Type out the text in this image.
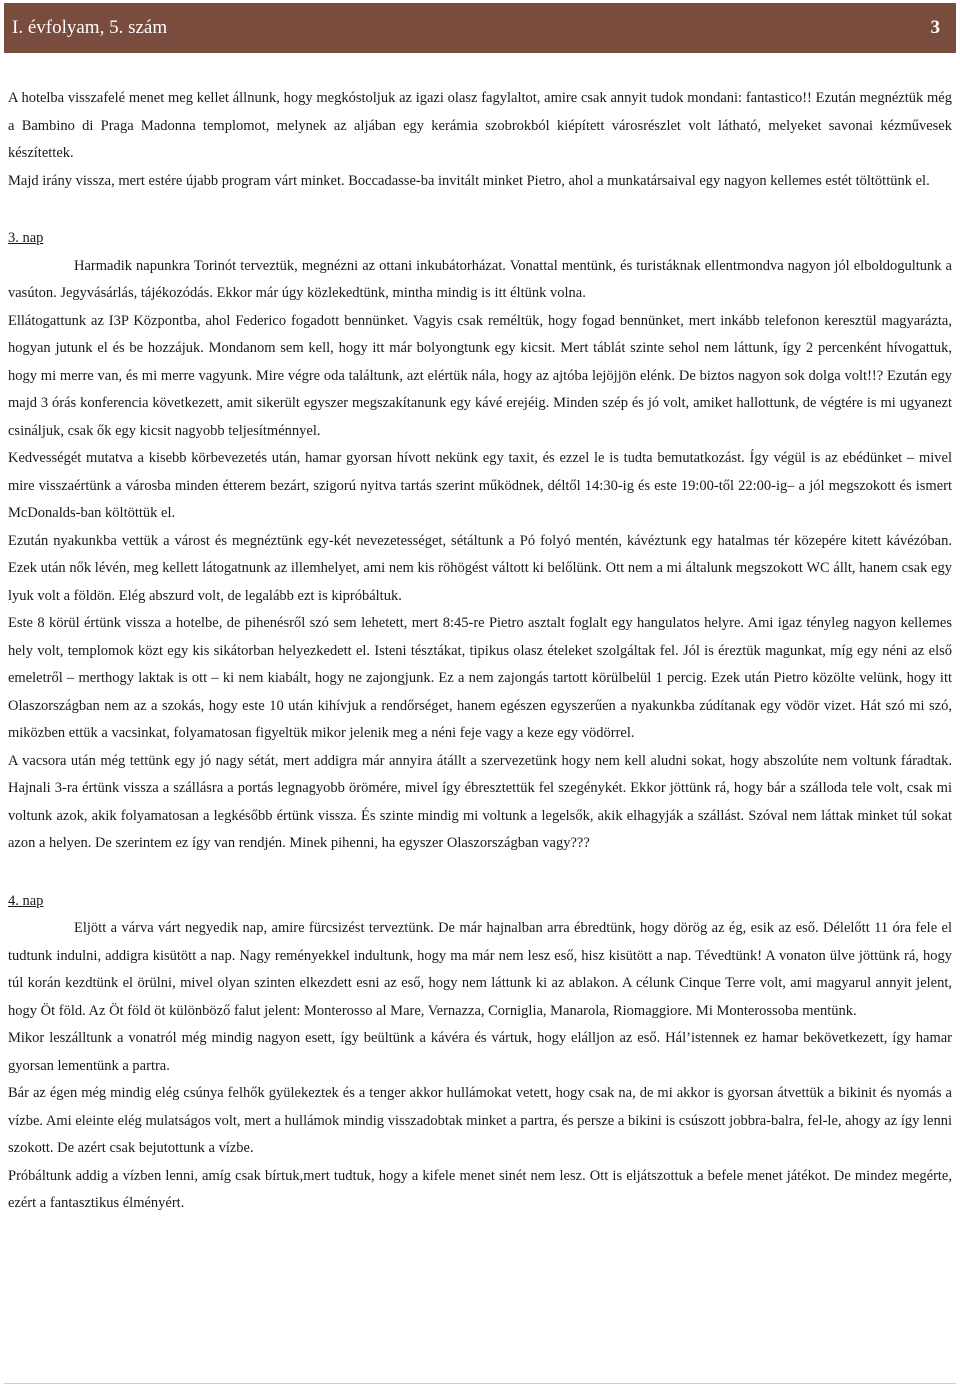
I. évfolyam, 5. szám	3

A hotelba visszafelé menet meg kellet állnunk, hogy megkóstoljuk az igazi olasz fagylaltot, amire csak annyit tudok mondani: fantastico!! Ezután megnéztük még a Bambino di Praga Madonna templomot, melynek az aljában egy kerámia szobrokból kiépített városrészlet volt látható, melyeket savonai kézművesek készítettek.

Majd irány vissza, mert estére újabb program várt minket. Boccadasse-ba invitált minket Pietro, ahol a munkatársaival egy nagyon kellemes estét töltöttünk el.

3. nap

Harmadik napunkra Torinót terveztük, megnézni az ottani inkubátorházat. Vonattal mentünk, és turistáknak ellentmondva nagyon jól elboldogultunk a vasúton. Jegyvásárlás, tájékozódás. Ekkor már úgy közlekedtünk, mintha mindig is itt éltünk volna.

Ellátogattunk az I3P Központba, ahol Federico fogadott bennünket. Vagyis csak reméltük, hogy fogad bennünket, mert inkább telefonon keresztül magyarázta, hogyan jutunk el és be hozzájuk. Mondanom sem kell, hogy itt már bolyongtunk egy kicsit. Mert táblát szinte sehol nem láttunk, így 2 percenként hívogattuk, hogy mi merre van, és mi merre vagyunk. Mire végre oda találtunk, azt elértük nála, hogy az ajtóba lejöjjön elénk. De biztos nagyon sok dolga volt!!? Ezután egy majd 3 órás konferencia következett, amit sikerült egyszer megszakítanunk egy kávé erejéig. Minden szép és jó volt, amiket hallottunk, de végtére is mi ugyanezt csináljuk, csak ők egy kicsit nagyobb teljesítménnyel.

Kedvességét mutatva a kisebb körbevezetés után, hamar gyorsan hívott nekünk egy taxit, és ezzel le is tudta bemutatkozást. Így végül is az ebédünket – mivel mire visszaértünk a városba minden étterem bezárt, szigorú nyitva tartás szerint működnek, déltől 14:30-ig és este 19:00-től 22:00-ig– a jól megszokott és ismert McDonalds-ban költöttük el.

Ezután nyakunkba vettük a várost és megnéztünk egy-két nevezetességet, sétáltunk a Pó folyó mentén, kávéztunk egy hatalmas tér közepére kitett kávézóban. Ezek után nők lévén, meg kellett látogatnunk az illemhelyet, ami nem kis röhögést váltott ki belőlünk. Ott nem a mi általunk megszokott WC állt, hanem csak egy lyuk volt a földön. Elég abszurd volt, de legalább ezt is kipróbáltuk.

Este 8 körül értünk vissza a hotelbe, de pihenésről szó sem lehetett, mert 8:45-re Pietro asztalt foglalt egy hangulatos helyre. Ami igaz tényleg nagyon kellemes hely volt, templomok közt egy kis sikátorban helyezkedett el. Isteni tésztákat, tipikus olasz ételeket szolgáltak fel. Jól is éreztük magunkat, míg egy néni az első emeletről – merthogy laktak is ott – ki nem kiabált, hogy ne zajongjunk. Ez a nem zajongás tartott körülbelül 1 percig. Ezek után Pietro közölte velünk, hogy itt Olaszországban nem az a szokás, hogy este 10 után kihívjuk a rendőrséget, hanem egészen egyszerűen a nyakunkba zúdítanak egy vödör vizet. Hát szó mi szó, miközben ettük a vacsinkat, folyamatosan figyeltük mikor jelenik meg a néni feje vagy a keze egy vödörrel.

A vacsora után még tettünk egy jó nagy sétát, mert addigra már annyira átállt a szervezetünk hogy nem kell aludni sokat, hogy abszolúte nem voltunk fáradtak. Hajnali 3-ra értünk vissza a szállásra a portás legnagyobb örömére, mivel így ébresztettük fel szegénykét. Ekkor jöttünk rá, hogy bár a szálloda tele volt, csak mi voltunk azok, akik folyamatosan a legkésőbb értünk vissza. És szinte mindig mi voltunk a legelsők, akik elhagyják a szállást. Szóval nem láttak minket túl sokat azon a helyen. De szerintem ez így van rendjén. Minek pihenni, ha egyszer Olaszországban vagy???

4. nap

Eljött a várva várt negyedik nap, amire fürcsizést terveztünk. De már hajnalban arra ébredtünk, hogy dörög az ég, esik az eső. Délelőtt 11 óra fele el tudtunk indulni, addigra kisütött a nap. Nagy reményekkel indultunk, hogy ma már nem lesz eső, hisz kisütött a nap. Tévedtünk! A vonaton ülve jöttünk rá, hogy túl korán kezdtünk el örülni, mivel olyan szinten elkezdett esni az eső, hogy nem láttunk ki az ablakon. A célunk Cinque Terre volt, ami magyarul annyit jelent, hogy Öt föld. Az Öt föld öt különböző falut jelent: Monterosso al Mare, Vernazza, Corniglia, Manarola, Riomaggiore. Mi Monterossoba mentünk.

Mikor leszálltunk a vonatról még mindig nagyon esett, így beültünk a kávéra és vártuk, hogy elálljon az eső. Hál’istennek ez hamar bekövetkezett, így hamar gyorsan lementünk a partra.

Bár az égen még mindig elég csúnya felhők gyülekeztek és a tenger akkor hullámokat vetett, hogy csak na, de mi akkor is gyorsan átvettük a bikinit és nyomás a vízbe. Ami eleinte elég mulatságos volt, mert a hullámok mindig visszadobtak minket a partra, és persze a bikini is csúszott jobbra-balra, fel-le, ahogy az így lenni szokott. De azért csak bejutottunk a vízbe.

Próbáltunk addig a vízben lenni, amíg csak bírtuk,mert tudtuk, hogy a kifele menet sinét nem lesz. Ott is eljátszottuk a befele menet játékot. De mindez megérte, ezért a fantasztikus élményért.
